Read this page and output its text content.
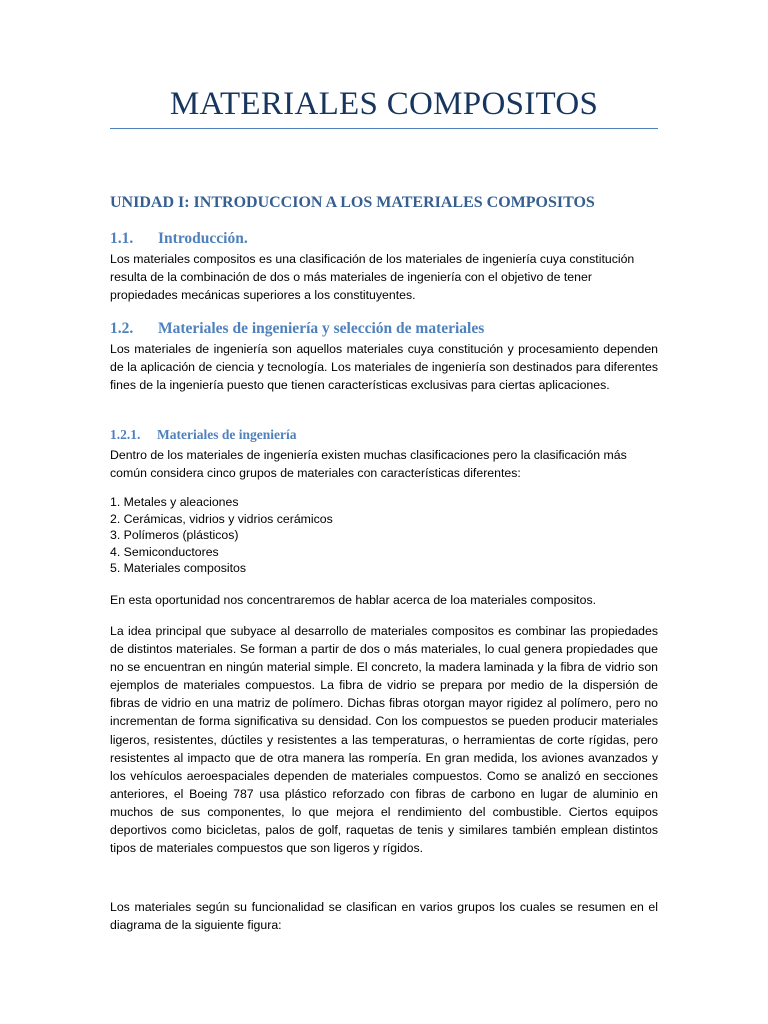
MATERIALES COMPOSITOS
UNIDAD I: INTRODUCCION A LOS MATERIALES COMPOSITOS
1.1. Introducción.

Los materiales compositos es una clasificación de los materiales de ingeniería cuya constitución resulta de la combinación de dos o más materiales de ingeniería con el objetivo de tener propiedades mecánicas superiores a los constituyentes.

1.2. Materiales de ingeniería y selección de materiales

Los materiales de ingeniería son aquellos materiales cuya constitución y procesamiento dependen de la aplicación de ciencia y tecnología. Los materiales de ingeniería son destinados para diferentes fines de la ingeniería puesto que tienen características exclusivas para ciertas aplicaciones.

1.2.1. Materiales de ingeniería

Dentro de los materiales de ingeniería existen muchas clasificaciones pero la clasificación más común considera cinco grupos de materiales con características diferentes:

1. Metales y aleaciones
2. Cerámicas, vidrios y vidrios cerámicos
3. Polímeros (plásticos)
4. Semiconductores
5. Materiales compositos

En esta oportunidad nos concentraremos de hablar acerca de loa materiales compositos.

La idea principal que subyace al desarrollo de materiales compositos es combinar las propiedades de distintos materiales. Se forman a partir de dos o más materiales, lo cual genera propiedades que no se encuentran en ningún material simple. El concreto, la madera laminada y la fibra de vidrio son ejemplos de materiales compuestos. La fibra de vidrio se prepara por medio de la dispersión de fibras de vidrio en una matriz de polímero. Dichas fibras otorgan mayor rigidez al polímero, pero no incrementan de forma significativa su densidad. Con los compuestos se pueden producir materiales ligeros, resistentes, dúctiles y resistentes a las temperaturas, o herramientas de corte rígidas, pero resistentes al impacto que de otra manera las rompería. En gran medida, los aviones avanzados y los vehículos aeroespaciales dependen de materiales compuestos. Como se analizó en secciones anteriores, el Boeing 787 usa plástico reforzado con fibras de carbono en lugar de aluminio en muchos de sus componentes, lo que mejora el rendimiento del combustible. Ciertos equipos deportivos como bicicletas, palos de golf, raquetas de tenis y similares también emplean distintos tipos de materiales compuestos que son ligeros y rígidos.

Los materiales según su funcionalidad se clasifican en varios grupos los cuales se resumen en el diagrama de la siguiente figura:
